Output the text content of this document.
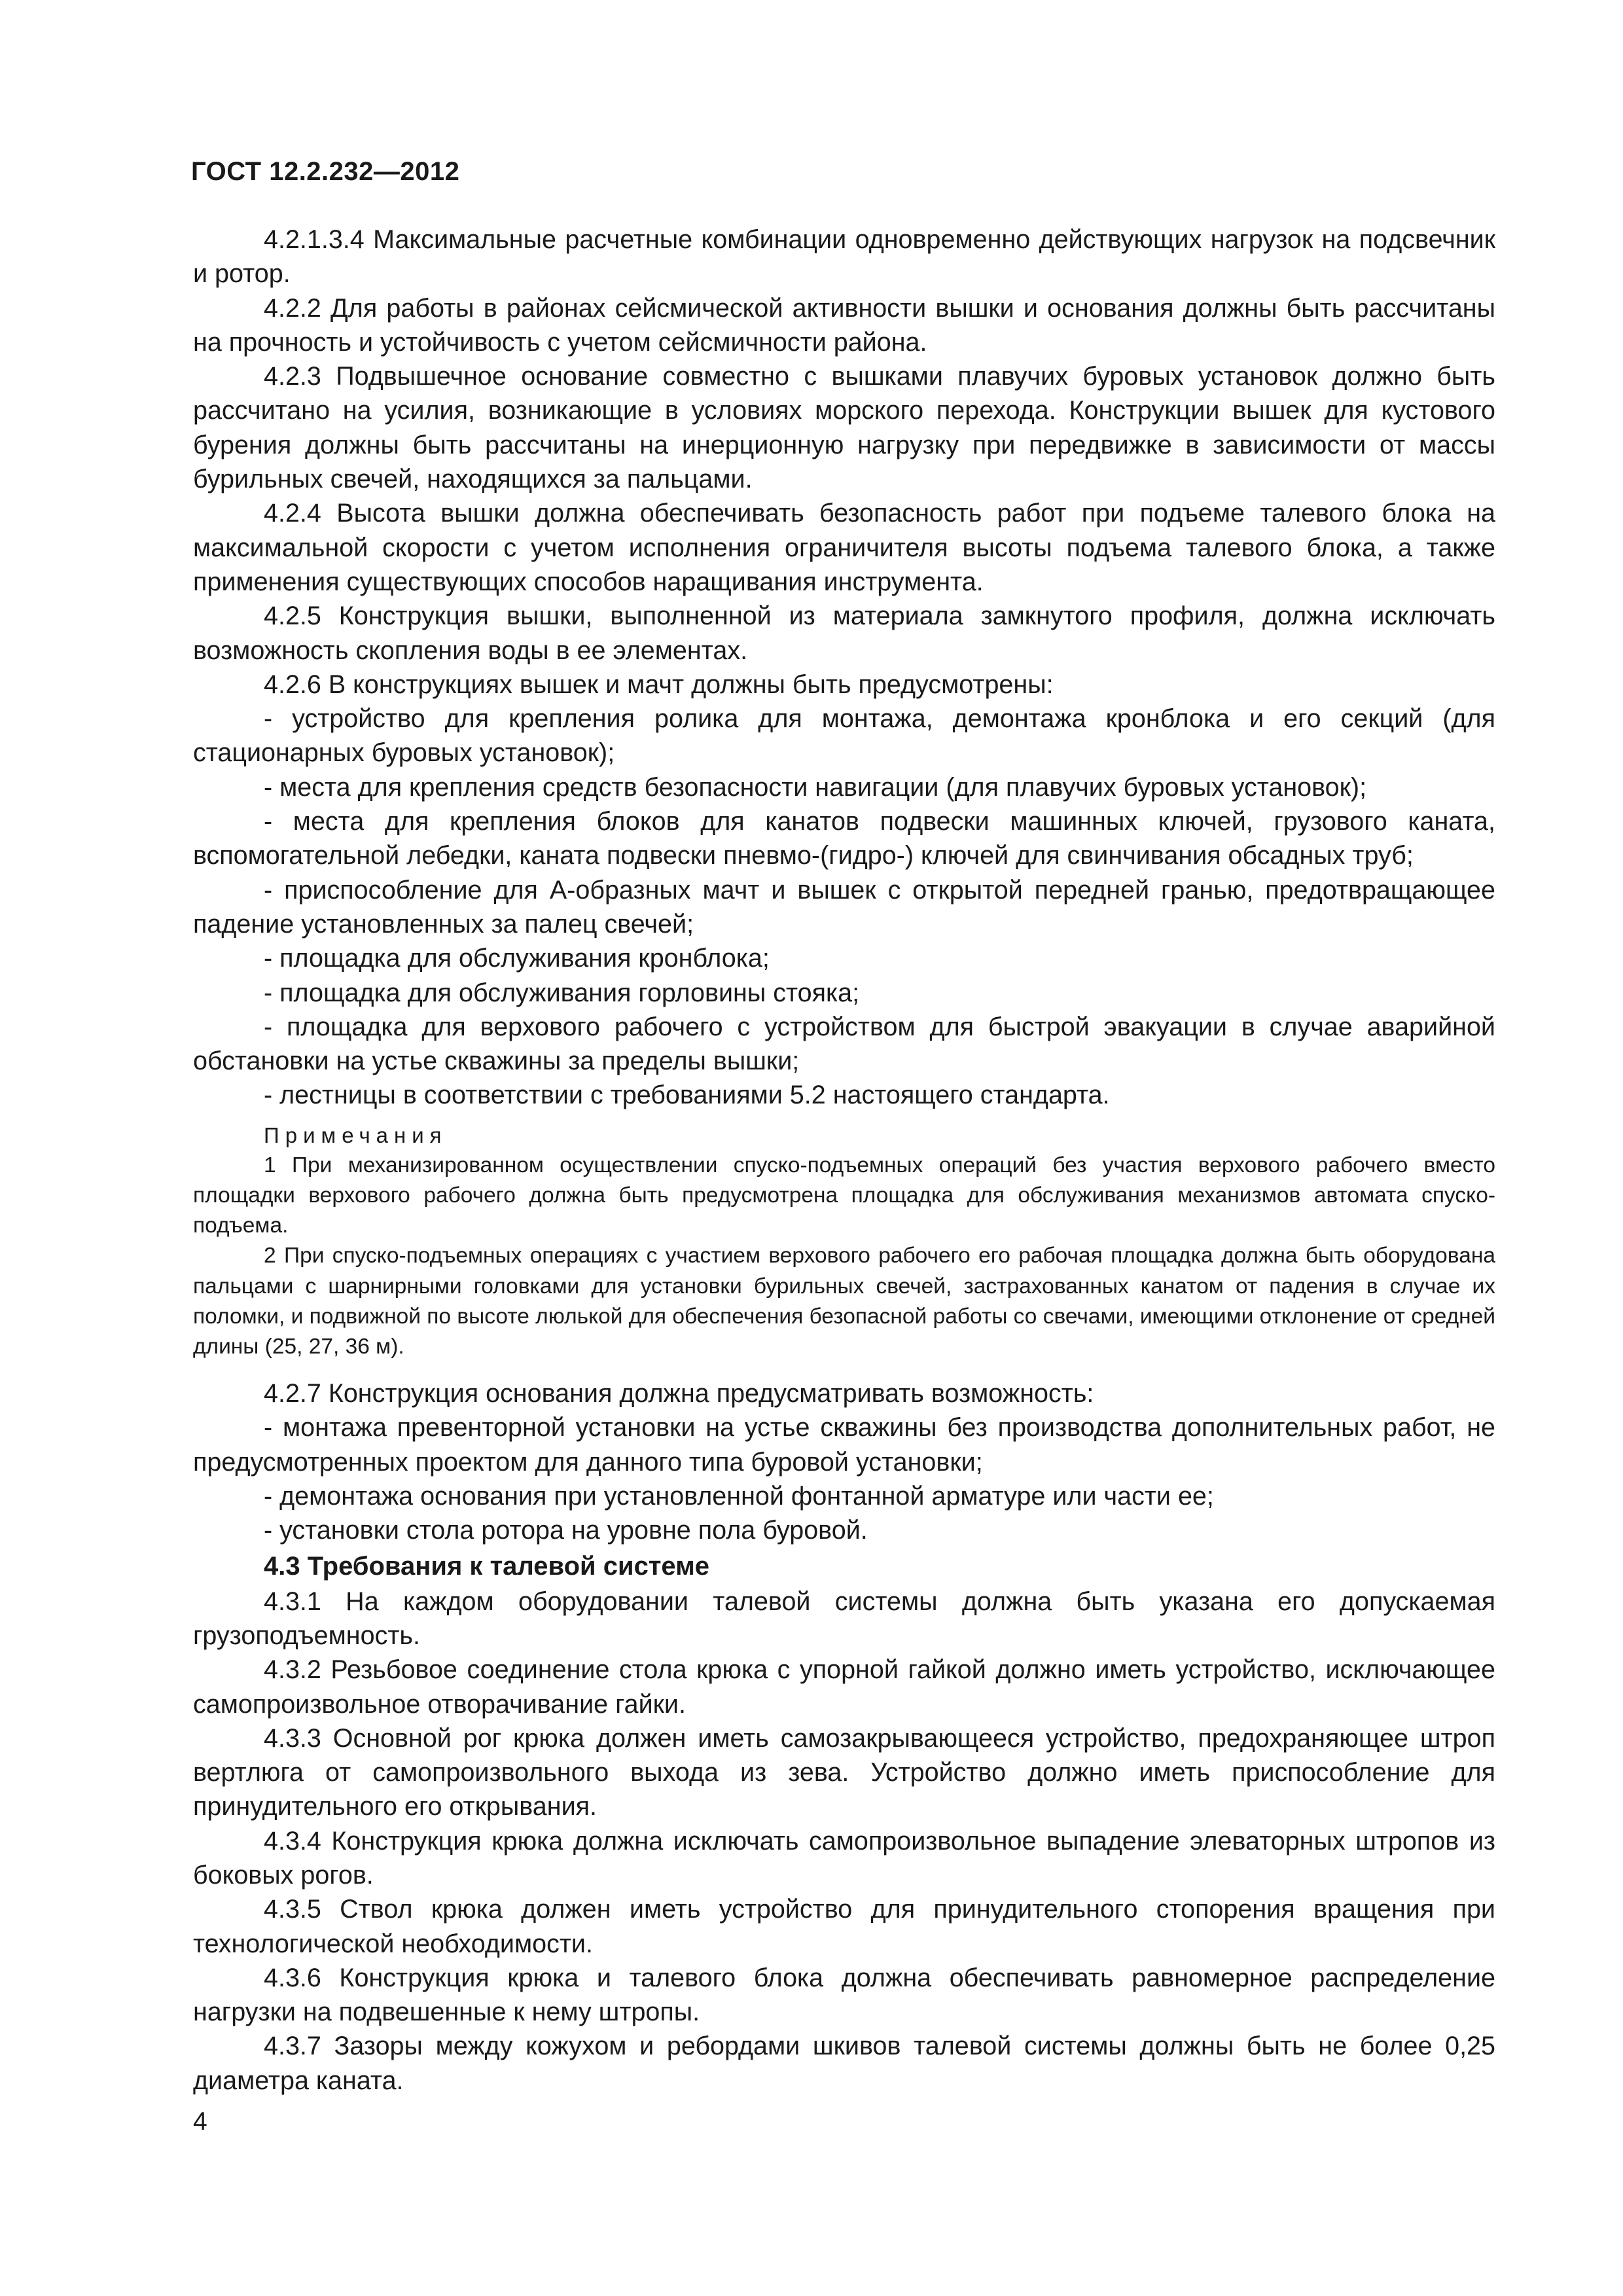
ГОСТ 12.2.232—2012

4.2.1.3.4 Максимальные расчетные комбинации одновременно действующих нагрузок на подсвечник и ротор.

4.2.2 Для работы в районах сейсмической активности вышки и основания должны быть рассчитаны на прочность и устойчивость с учетом сейсмичности района.

4.2.3 Подвышечное основание совместно с вышками плавучих буровых установок должно быть рассчитано на усилия, возникающие в условиях морского перехода. Конструкции вышек для кустового бурения должны быть рассчитаны на инерционную нагрузку при передвижке в зависимости от массы бурильных свечей, находящихся за пальцами.

4.2.4 Высота вышки должна обеспечивать безопасность работ при подъеме талевого блока на максимальной скорости с учетом исполнения ограничителя высоты подъема талевого блока, а также применения существующих способов наращивания инструмента.

4.2.5 Конструкция вышки, выполненной из материала замкнутого профиля, должна исключать возможность скопления воды в ее элементах.

4.2.6 В конструкциях вышек и мачт должны быть предусмотрены:

- устройство для крепления ролика для монтажа, демонтажа кронблока и его секций (для стационарных буровых установок);

- места для крепления средств безопасности навигации (для плавучих буровых установок);

- места для крепления блоков для канатов подвески машинных ключей, грузового каната, вспомогательной лебедки, каната подвески пневмо-(гидро-) ключей для свинчивания обсадных труб;

- приспособление для А-образных мачт и вышек с открытой передней гранью, предотвращающее падение установленных за палец свечей;

- площадка для обслуживания кронблока;

- площадка для обслуживания горловины стояка;

- площадка для верхового рабочего с устройством для быстрой эвакуации в случае аварийной обстановки на устье скважины за пределы вышки;

- лестницы в соответствии с требованиями 5.2 настоящего стандарта.

Примечания

1 При механизированном осуществлении спуско-подъемных операций без участия верхового рабочего вместо площадки верхового рабочего должна быть предусмотрена площадка для обслуживания механизмов автомата спуско-подъема.

2 При спуско-подъемных операциях с участием верхового рабочего его рабочая площадка должна быть оборудована пальцами с шарнирными головками для установки бурильных свечей, застрахованных канатом от падения в случае их поломки, и подвижной по высоте люлькой для обеспечения безопасной работы со свечами, имеющими отклонение от средней длины (25, 27, 36 м).

4.2.7 Конструкция основания должна предусматривать возможность:

- монтажа превенторной установки на устье скважины без производства дополнительных работ, не предусмотренных проектом для данного типа буровой установки;

- демонтажа основания при установленной фонтанной арматуре или части ее;

- установки стола ротора на уровне пола буровой.

4.3 Требования к талевой системе

4.3.1 На каждом оборудовании талевой системы должна быть указана его допускаемая грузоподъемность.

4.3.2 Резьбовое соединение стола крюка с упорной гайкой должно иметь устройство, исключающее самопроизвольное отворачивание гайки.

4.3.3 Основной рог крюка должен иметь самозакрывающееся устройство, предохраняющее штроп вертлюга от самопроизвольного выхода из зева. Устройство должно иметь приспособление для принудительного его открывания.

4.3.4 Конструкция крюка должна исключать самопроизвольное выпадение элеваторных штропов из боковых рогов.

4.3.5 Ствол крюка должен иметь устройство для принудительного стопорения вращения при технологической необходимости.

4.3.6 Конструкция крюка и талевого блока должна обеспечивать равномерное распределение нагрузки на подвешенные к нему штропы.

4.3.7 Зазоры между кожухом и ребордами шкивов талевой системы должны быть не более 0,25 диаметра каната.

4
